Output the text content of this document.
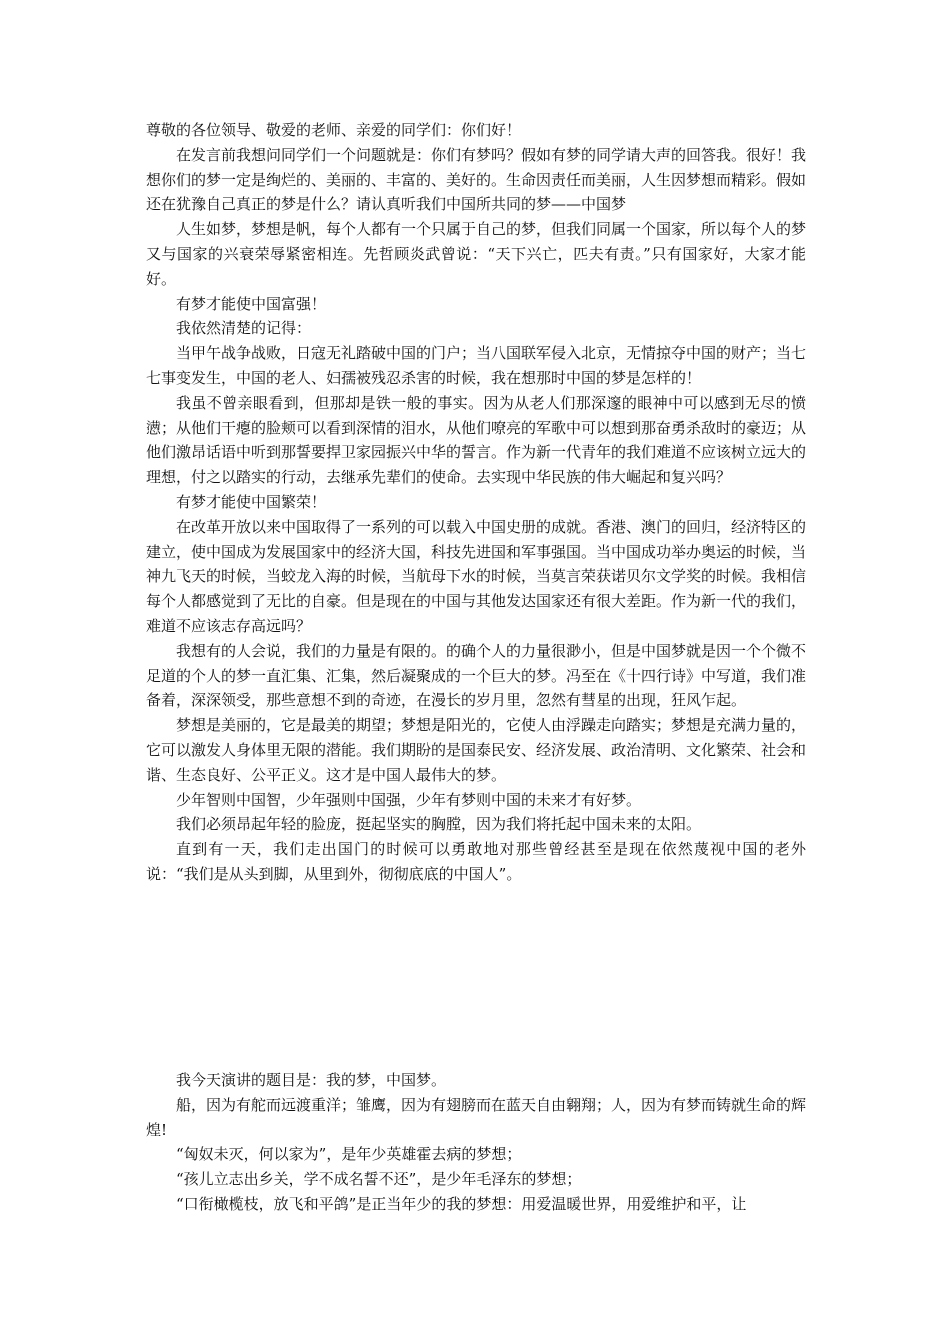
尊敬的各位领导、敬爱的老师、亲爱的同学们：你们好！

在发言前我想问同学们一个问题就是：你们有梦吗？假如有梦的同学请大声的回答我。很好！我想你们的梦一定是绚烂的、美丽的、丰富的、美好的。生命因责任而美丽，人生因梦想而精彩。假如还在犹豫自己真正的梦是什么？请认真听我们中国所共同的梦——中国梦

人生如梦，梦想是帆，每个人都有一个只属于自己的梦，但我们同属一个国家，所以每个人的梦又与国家的兴衰荣辱紧密相连。先哲顾炎武曾说：“天下兴亡，匹夫有责。”只有国家好，大家才能好。

有梦才能使中国富强！

我依然清楚的记得：

当甲午战争战败，日寇无礼踏破中国的门户；当八国联军侵入北京，无情掠夺中国的财产；当七七事变发生，中国的老人、妇孺被残忍杀害的时候，我在想那时中国的梦是怎样的！

我虽不曾亲眼看到，但那却是铁一般的事实。因为从老人们那深邃的眼神中可以感到无尽的愤懑；从他们干瘪的脸颊可以看到深情的泪水，从他们嘹亮的军歌中可以想到那奋勇杀敌时的豪迈；从他们激昂话语中听到那誓要捍卫家园振兴中华的誓言。作为新一代青年的我们难道不应该树立远大的理想，付之以踏实的行动，去继承先辈们的使命。去实现中华民族的伟大崛起和复兴吗？

有梦才能使中国繁荣！

在改革开放以来中国取得了一系列的可以载入中国史册的成就。香港、澳门的回归，经济特区的建立，使中国成为发展国家中的经济大国，科技先进国和军事强国。当中国成功举办奥运的时候，当神九飞天的时候，当蛟龙入海的时候，当航母下水的时候，当莫言荣获诺贝尔文学奖的时候。我相信每个人都感觉到了无比的自豪。但是现在的中国与其他发达国家还有很大差距。作为新一代的我们，难道不应该志存高远吗？

我想有的人会说，我们的力量是有限的。的确个人的力量很渺小，但是中国梦就是因一个个微不足道的个人的梦一直汇集、汇集，然后凝聚成的一个巨大的梦。冯至在《十四行诗》中写道，我们准备着，深深领受，那些意想不到的奇迹，在漫长的岁月里，忽然有彗星的出现，狂风乍起。

梦想是美丽的，它是最美的期望；梦想是阳光的，它使人由浮躁走向踏实；梦想是充满力量的，它可以激发人身体里无限的潜能。我们期盼的是国泰民安、经济发展、政治清明、文化繁荣、社会和谐、生态良好、公平正义。这才是中国人最伟大的梦。

少年智则中国智，少年强则中国强，少年有梦则中国的未来才有好梦。

我们必须昂起年轻的脸庞，挺起坚实的胸膛，因为我们将托起中国未来的太阳。

直到有一天，我们走出国门的时候可以勇敢地对那些曾经甚至是现在依然蔑视中国的老外说：“我们是从头到脚，从里到外，彻彻底底的中国人”。

我今天演讲的题目是：我的梦，中国梦。

船，因为有舵而远渡重洋；雏鹰，因为有翅膀而在蓝天自由翱翔；人，因为有梦而铸就生命的辉煌!

“匈奴未灭，何以家为”，是年少英雄霍去病的梦想；

“孩儿立志出乡关，学不成名誓不还”，是少年毛泽东的梦想；

“口衔橄榄枝，放飞和平鸽”是正当年少的我的梦想：用爱温暖世界，用爱维护和平，让
